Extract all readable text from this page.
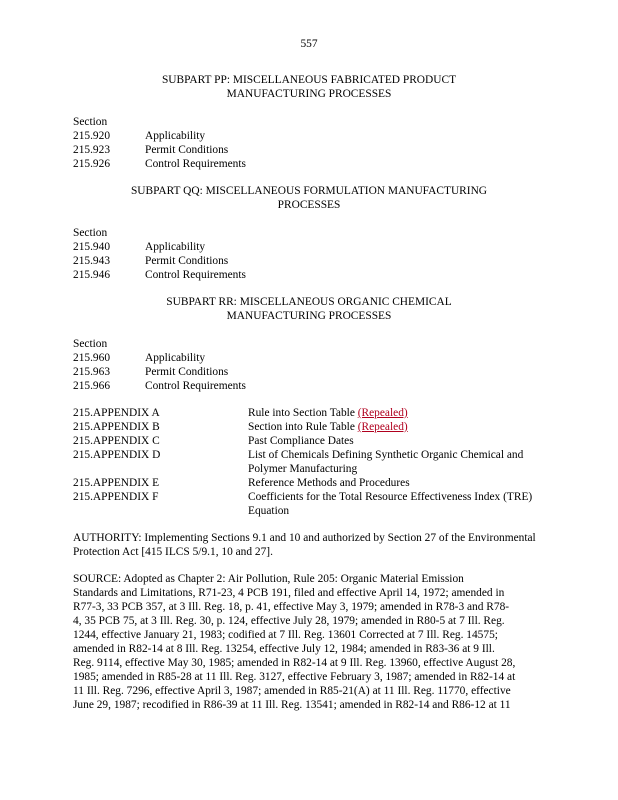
557
SUBPART PP: MISCELLANEOUS FABRICATED PRODUCT
MANUFACTURING PROCESSES
Section
215.920	Applicability
215.923	Permit Conditions
215.926	Control Requirements
SUBPART QQ: MISCELLANEOUS FORMULATION MANUFACTURING
PROCESSES
Section
215.940	Applicability
215.943	Permit Conditions
215.946	Control Requirements
SUBPART RR: MISCELLANEOUS ORGANIC CHEMICAL
MANUFACTURING PROCESSES
Section
215.960	Applicability
215.963	Permit Conditions
215.966	Control Requirements
215.APPENDIX A	Rule into Section Table (Repealed)
215.APPENDIX B	Section into Rule Table (Repealed)
215.APPENDIX C	Past Compliance Dates
215.APPENDIX D	List of Chemicals Defining Synthetic Organic Chemical and Polymer Manufacturing
215.APPENDIX E	Reference Methods and Procedures
215.APPENDIX F	Coefficients for the Total Resource Effectiveness Index (TRE) Equation
AUTHORITY: Implementing Sections 9.1 and 10 and authorized by Section 27 of the Environmental Protection Act [415 ILCS 5/9.1, 10 and 27].
SOURCE: Adopted as Chapter 2: Air Pollution, Rule 205: Organic Material Emission
Standards and Limitations, R71-23, 4 PCB 191, filed and effective April 14, 1972; amended in
R77-3, 33 PCB 357, at 3 Ill. Reg. 18, p. 41, effective May 3, 1979; amended in R78-3 and R78-
4, 35 PCB 75, at 3 Ill. Reg. 30, p. 124, effective July 28, 1979; amended in R80-5 at 7 Ill. Reg.
1244, effective January 21, 1983; codified at 7 Ill. Reg. 13601 Corrected at 7 Ill. Reg. 14575;
amended in R82-14 at 8 Ill. Reg. 13254, effective July 12, 1984; amended in R83-36 at 9 Ill.
Reg. 9114, effective May 30, 1985; amended in R82-14 at 9 Ill. Reg. 13960, effective August 28,
1985; amended in R85-28 at 11 Ill. Reg. 3127, effective February 3, 1987; amended in R82-14 at
11 Ill. Reg. 7296, effective April 3, 1987; amended in R85-21(A) at 11 Ill. Reg. 11770, effective
June 29, 1987; recodified in R86-39 at 11 Ill. Reg. 13541; amended in R82-14 and R86-12 at 11
